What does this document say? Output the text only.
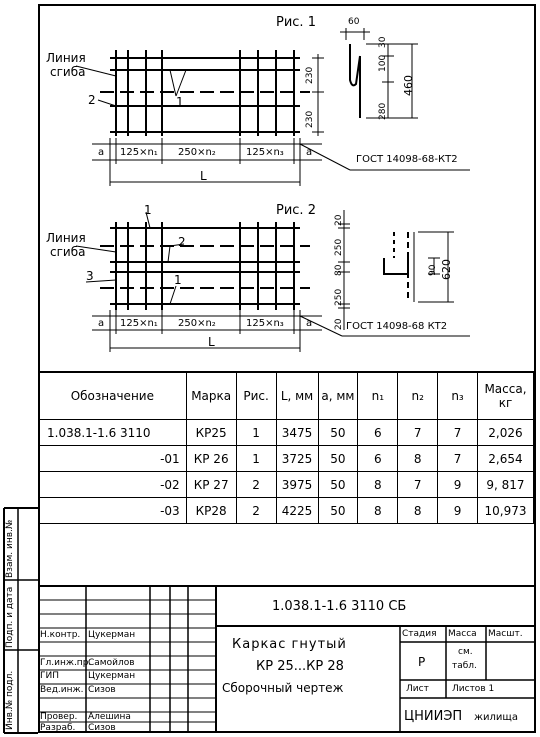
Рис. 1
Линия
сгиба
2	1
230
230
a 125×n₁ 250×n₂	125×n₃ a
L
60
30
100
280
460
ГОСТ 14098-68-КТ2
Рис. 2
1
Линия
сгиба
2
3	1
20
250
80
250
20
90 620
a 125×n₁ 250×n₂	125×n₃ a
L
ГОСТ 14098-68 КТ2
Обозначение	Марка	Рис.	L, мм	a, мм	n₁	n₂	n₃	Масса, кг
1.038.1-1.6 3110	КР25	1	3475	50	6	7	7	2,026
-01	КР 26	1	3725	50	6	8	7	2,654
-02	КР 27	2	3975	50	8	7	9	9, 817
-03	КР28	2	4225	50	8	8	9	10,973
Взам. инв.№
Подп. и дата
Инв.№ подл.
1.038.1-1.6 3110 СБ
Н.контр. Цукерман
Гл.инж.пр.
Самойлов
ГИП	Цукерман
Вед.инж. Сизов
Провер. Алешина
Разраб. Сизов
Каркас гнутый
КР 25...КР 28
Сборочный чертеж
Стадия Масса Масшт.
Р
см.
табл.
Лист	Листов 1
ЦНИИЭП жилища
